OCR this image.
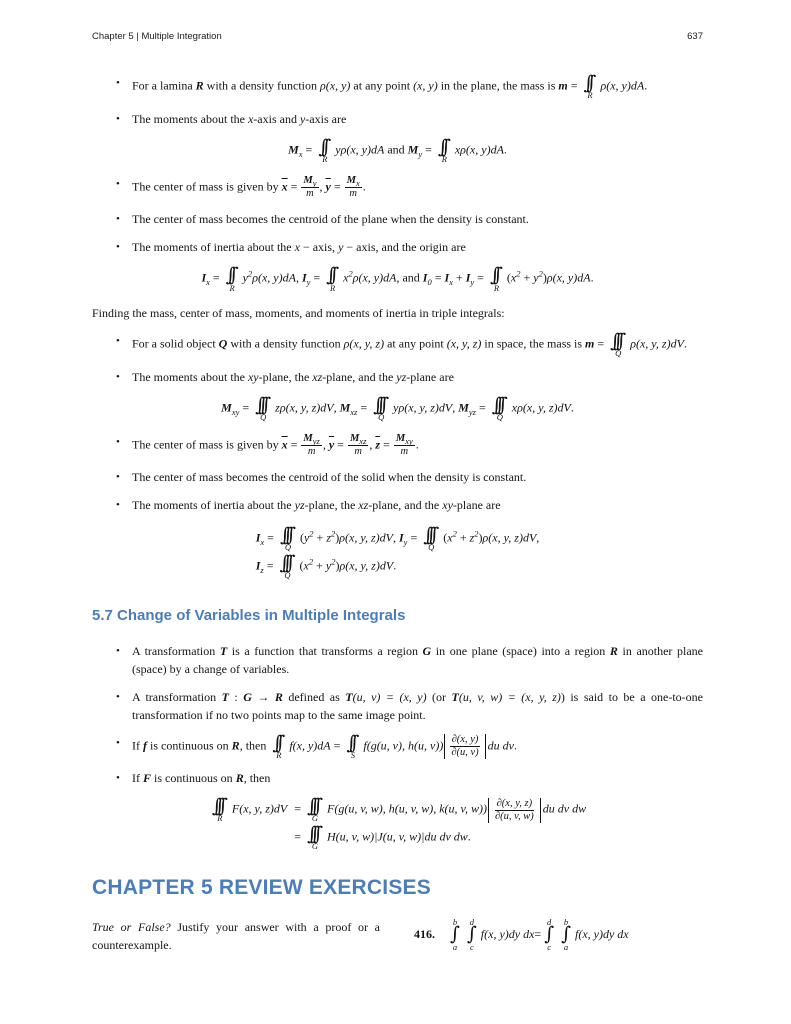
Chapter 5 | Multiple Integration	637
•	For a lamina R with a density function ρ(x, y) at any point (x, y) in the plane, the mass is m = ∫∫
R
ρ(x, y)dA.
•	The moments about the x-axis and y-axis are
$M_x$ = ∫∫
R
yρ(x, y)dA and $M_y$ = ∫∫
R
xρ(x, y)dA.
•	The center of mass is given by $\overline{x} = \frac{M_y}{m}$ , $\overline{y} = \frac{M_x}{m}$ .
•	The center of mass becomes the centroid of the plane when the density is constant.
•	The moments of inertia about the x − axis, y − axis, and the origin are
$I_x$ = ∫∫
R
$y^2\rho(x$, y)dA, $I_y$ = ∫∫
R
$x^2\rho(x$, y)dA, and $I_0 = I_x + I_y$ = ∫∫
R
$(x^2 + y^2)\rho(x$, y)dA.
Finding the mass, center of mass, moments, and moments of inertia in triple integrals:
•	For a solid object Q with a density function ρ(x, y, z) at any point (x, y, z) in space, the mass is m = ∫∫∫
Q
ρ(x, y, z)dV.
•	The moments about the xy-plane, the xz-plane, and the yz-plane are
$M_{xy}$ = ∫∫∫
Q
zρ(x, y, z)dV, $M_{xz}$ = ∫∫∫
Q
yρ(x, y, z)dV, $M_{yz}$ = ∫∫∫
Q
xρ(x, y, z)dV.
•	The center of mass is given by $\overline{x} = \frac{M_{yz}}{m}$ , $\overline{y} = \frac{M_{xz}}{m}$ , $\overline{z} = \frac{M_{xy}}{m}$ .
•	The center of mass becomes the centroid of the solid when the density is constant.
•	The moments of inertia about the yz-plane, the xz-plane, and the xy-plane are
$I_x$ = ∫∫∫
Q
$(y^2 + z^2)\rho(x$, y, z)dV, $I_y$ = ∫∫∫
Q
$(x^2 + z^2)\rho(x$, y, z)dV,
$I_z$ = ∫∫∫
Q
$(x^2 + y^2)\rho(x$, y, z)dV.
5.7 Change of Variables in Multiple Integrals
•	A transformation T is a function that transforms a region G in one plane (space) into a region R in another plane (space) by a change of variables.
•	A transformation T : G → R defined as T(u, v) = (x, y) (or T(u, v, w) = (x, y, z)) is said to be a one-to-one transformation if no two points map to the same image point.
•	If f is continuous on R, then ∫∫
R
f(x, y)dA = ∫∫
S
f(g(u, v), h(u, $v)) \frac{\partial(x, y)}{\partial(u, v)}$ du dv.
•	If F is continuous on R, then
∫∫∫
R
F(x, y, z)dV = ∫∫∫
G
F(g(u, v, w), h(u, v, w), k(u, v, $w)) \frac{\partial(x, y, z)}{\partial(u, v, w)}$ du dv dw
= ∫∫∫
G
H(u, v, w)|J(u, v, w)|du dv dw.
CHAPTER 5 REVIEW EXERCISES

True or False? Justify your answer with a proof or a counterexample.

416.
b
∫
a
d
∫
c
f(x, y)dy dx =
d
∫
c
b
∫
a
f(x, y)dy dx
